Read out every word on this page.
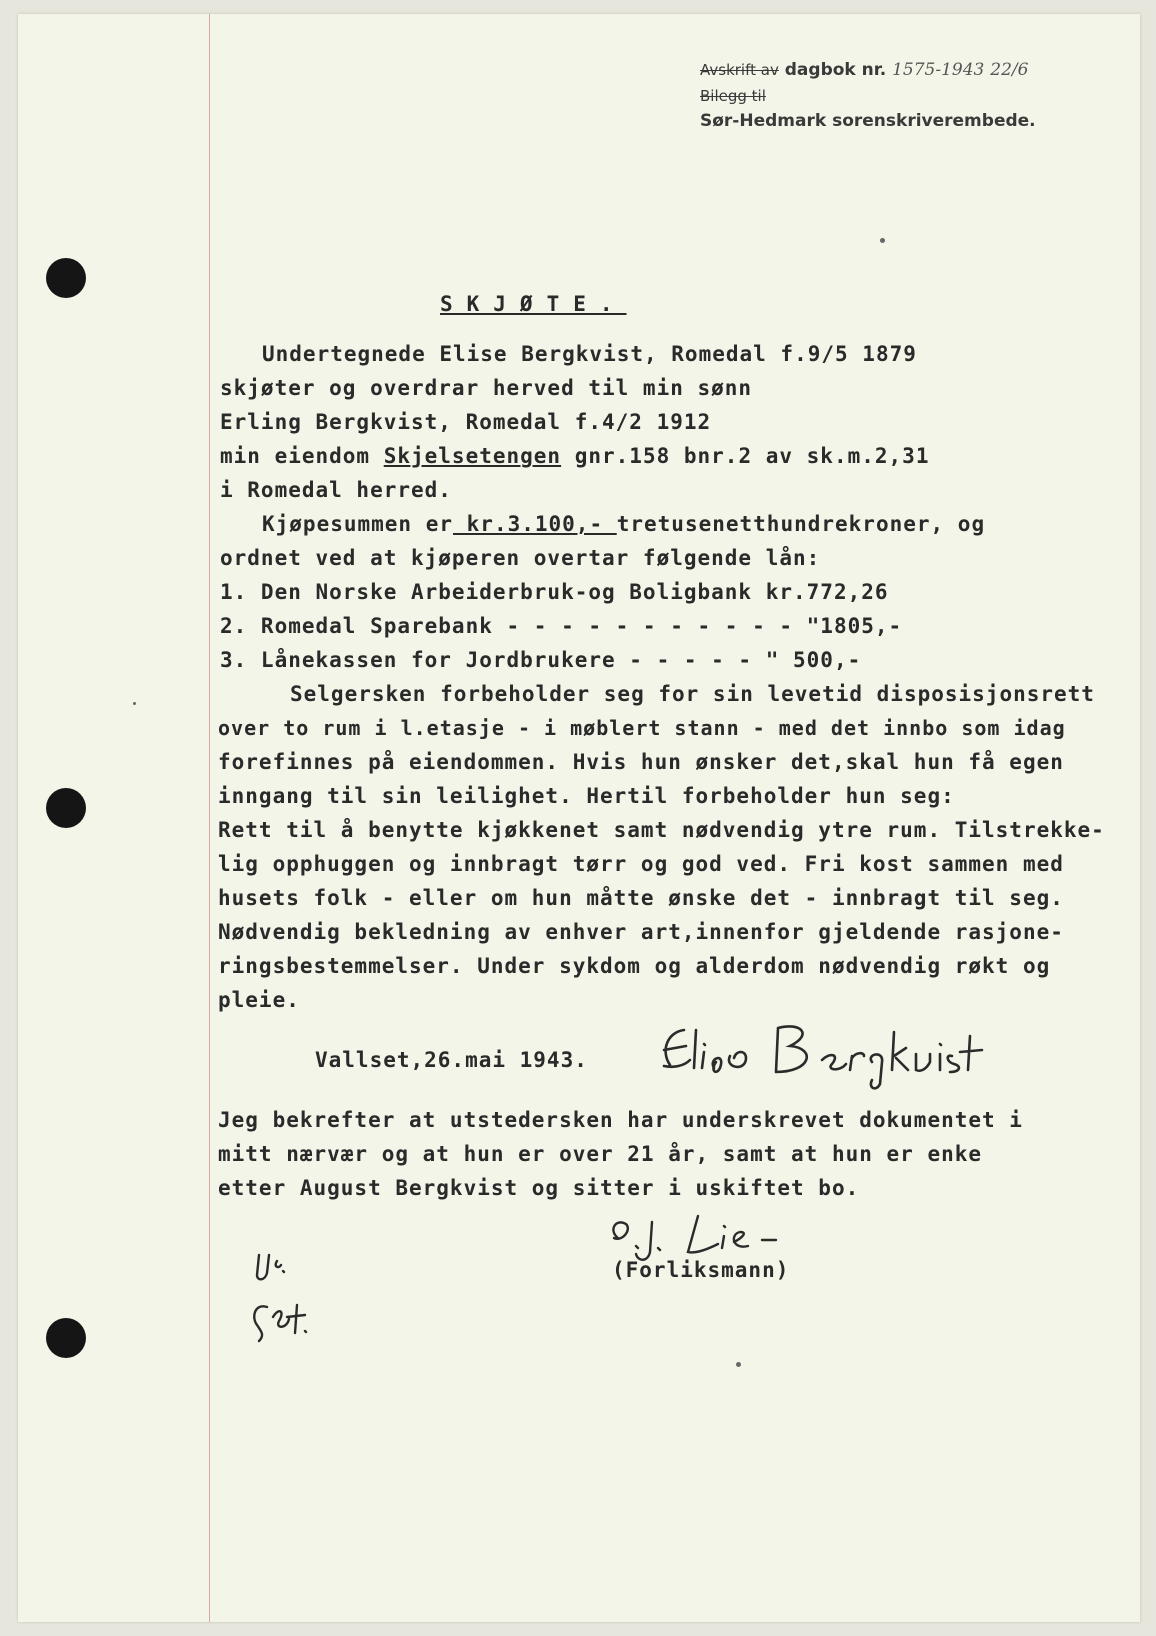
Avskrift av dagbok nr. 1575-1943 22/6
Bilegg til
Sør-Hedmark sorenskriverembede.
SKJØTE.
Undertegnede Elise Bergkvist, Romedal f.9/5 1879
skjøter og overdrar herved til min sønn
Erling Bergkvist, Romedal f.4/2 1912
min eiendom Skjelsetengen gnr.158 bnr.2 av sk.m.2,31
i Romedal herred.
Kjøpesummen er kr.3.100,- tretusenetthundrekroner, og
ordnet ved at kjøperen overtar følgende lån:
1. Den Norske Arbeiderbruk-og Boligbank kr.772,26
2. Romedal Sparebank - - - - - - - - - - - "1805,-
3. Lånekassen for Jordbrukere - - - - - " 500,-
Selgersken forbeholder seg for sin levetid disposisjonsrett
over to rum i l.etasje - i møblert stann - med det innbo som idag
forefinnes på eiendommen. Hvis hun ønsker det,skal hun få egen
inngang til sin leilighet. Hertil forbeholder hun seg:
Rett til å benytte kjøkkenet samt nødvendig ytre rum. Tilstrekke-
lig opphuggen og innbragt tørr og god ved. Fri kost sammen med
husets folk - eller om hun måtte ønske det - innbragt til seg.
Nødvendig bekledning av enhver art,innenfor gjeldende rasjone-
ringsbestemmelser. Under sykdom og alderdom nødvendig røkt og
pleie.
Vallset,26.mai 1943.
Jeg bekrefter at utstedersken har underskrevet dokumentet i
mitt nærvær og at hun er over 21 år, samt at hun er enke
etter August Bergkvist og sitter i uskiftet bo.
(Forliksmann)
